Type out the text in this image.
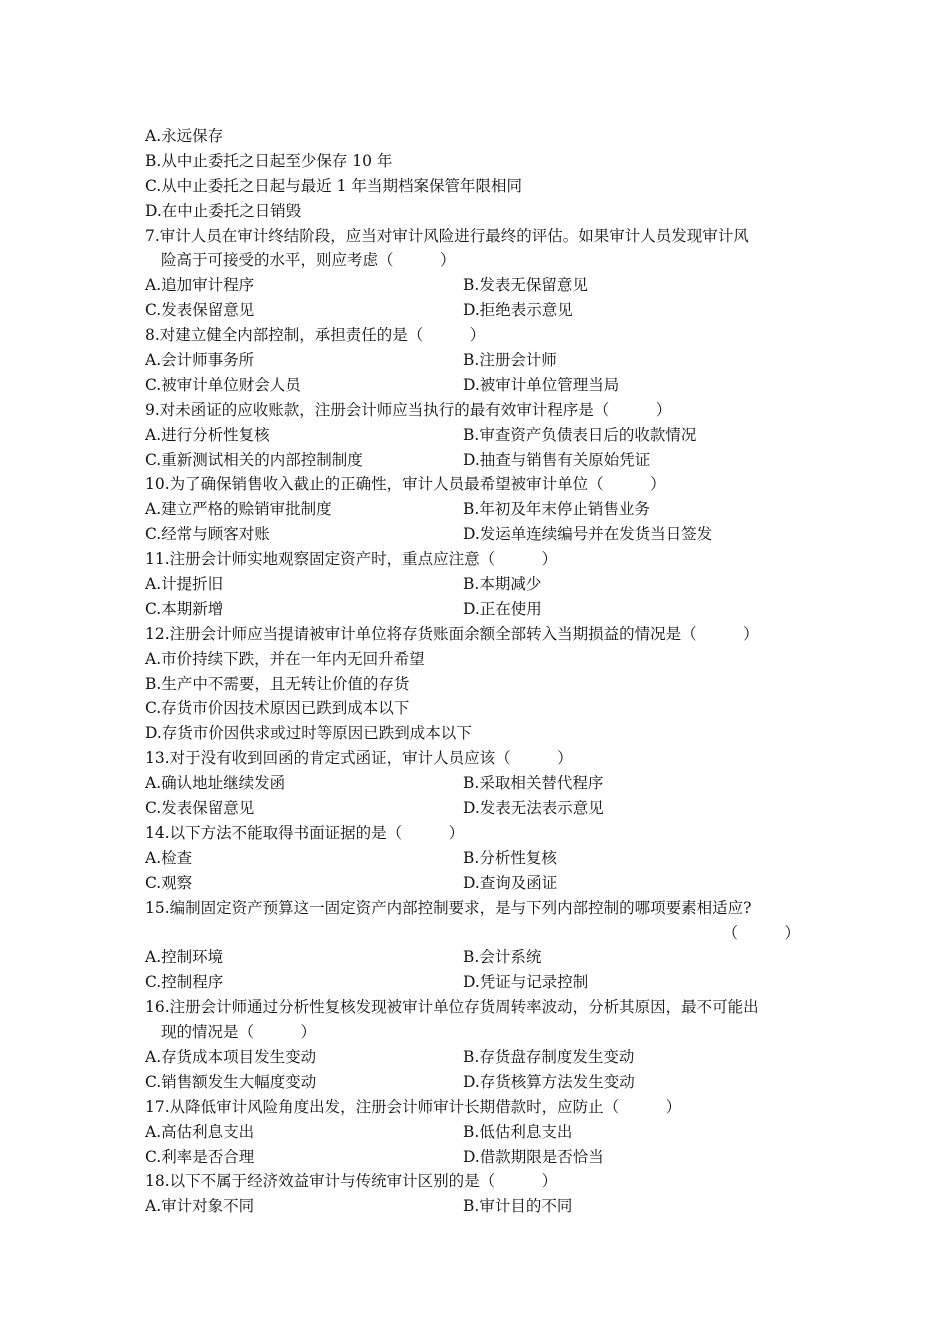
A.永远保存
B.从中止委托之日起至少保存 10 年
C.从中止委托之日起与最近 1 年当期档案保管年限相同
D.在中止委托之日销毁
7.审计人员在审计终结阶段，应当对审计风险进行最终的评估。如果审计人员发现审计风
险高于可接受的水平，则应考虑（　　　）
A.追加审计程序	B.发表无保留意见
C.发表保留意见	D.拒绝表示意见
8.对建立健全内部控制，承担责任的是（　　　）
A.会计师事务所	B.注册会计师
C.被审计单位财会人员	D.被审计单位管理当局
9.对未函证的应收账款，注册会计师应当执行的最有效审计程序是（　　　）
A.进行分析性复核	B.审查资产负债表日后的收款情况
C.重新测试相关的内部控制制度	D.抽查与销售有关原始凭证
10.为了确保销售收入截止的正确性，审计人员最希望被审计单位（　　　）
A.建立严格的赊销审批制度	B.年初及年末停止销售业务
C.经常与顾客对账	D.发运单连续编号并在发货当日签发
11.注册会计师实地观察固定资产时，重点应注意（　　　）
A.计提折旧	B.本期减少
C.本期新增	D.正在使用
12.注册会计师应当提请被审计单位将存货账面余额全部转入当期损益的情况是（　　　）
A.市价持续下跌，并在一年内无回升希望
B.生产中不需要，且无转让价值的存货
C.存货市价因技术原因已跌到成本以下
D.存货市价因供求或过时等原因已跌到成本以下
13.对于没有收到回函的肯定式函证，审计人员应该（　　　）
A.确认地址继续发函	B.采取相关替代程序
C.发表保留意见	D.发表无法表示意见
14.以下方法不能取得书面证据的是（　　　）
A.检查	B.分析性复核
C.观察	D.查询及函证
15.编制固定资产预算这一固定资产内部控制要求，是与下列内部控制的哪项要素相适应?
（　　　）
A.控制环境	B.会计系统
C.控制程序	D.凭证与记录控制
16.注册会计师通过分析性复核发现被审计单位存货周转率波动，分析其原因，最不可能出
现的情况是（　　　）
A.存货成本项目发生变动	B.存货盘存制度发生变动
C.销售额发生大幅度变动	D.存货核算方法发生变动
17.从降低审计风险角度出发，注册会计师审计长期借款时，应防止（　　　）
A.高估利息支出	B.低估利息支出
C.利率是否合理	D.借款期限是否恰当
18.以下不属于经济效益审计与传统审计区别的是（　　　）
A.审计对象不同	B.审计目的不同
